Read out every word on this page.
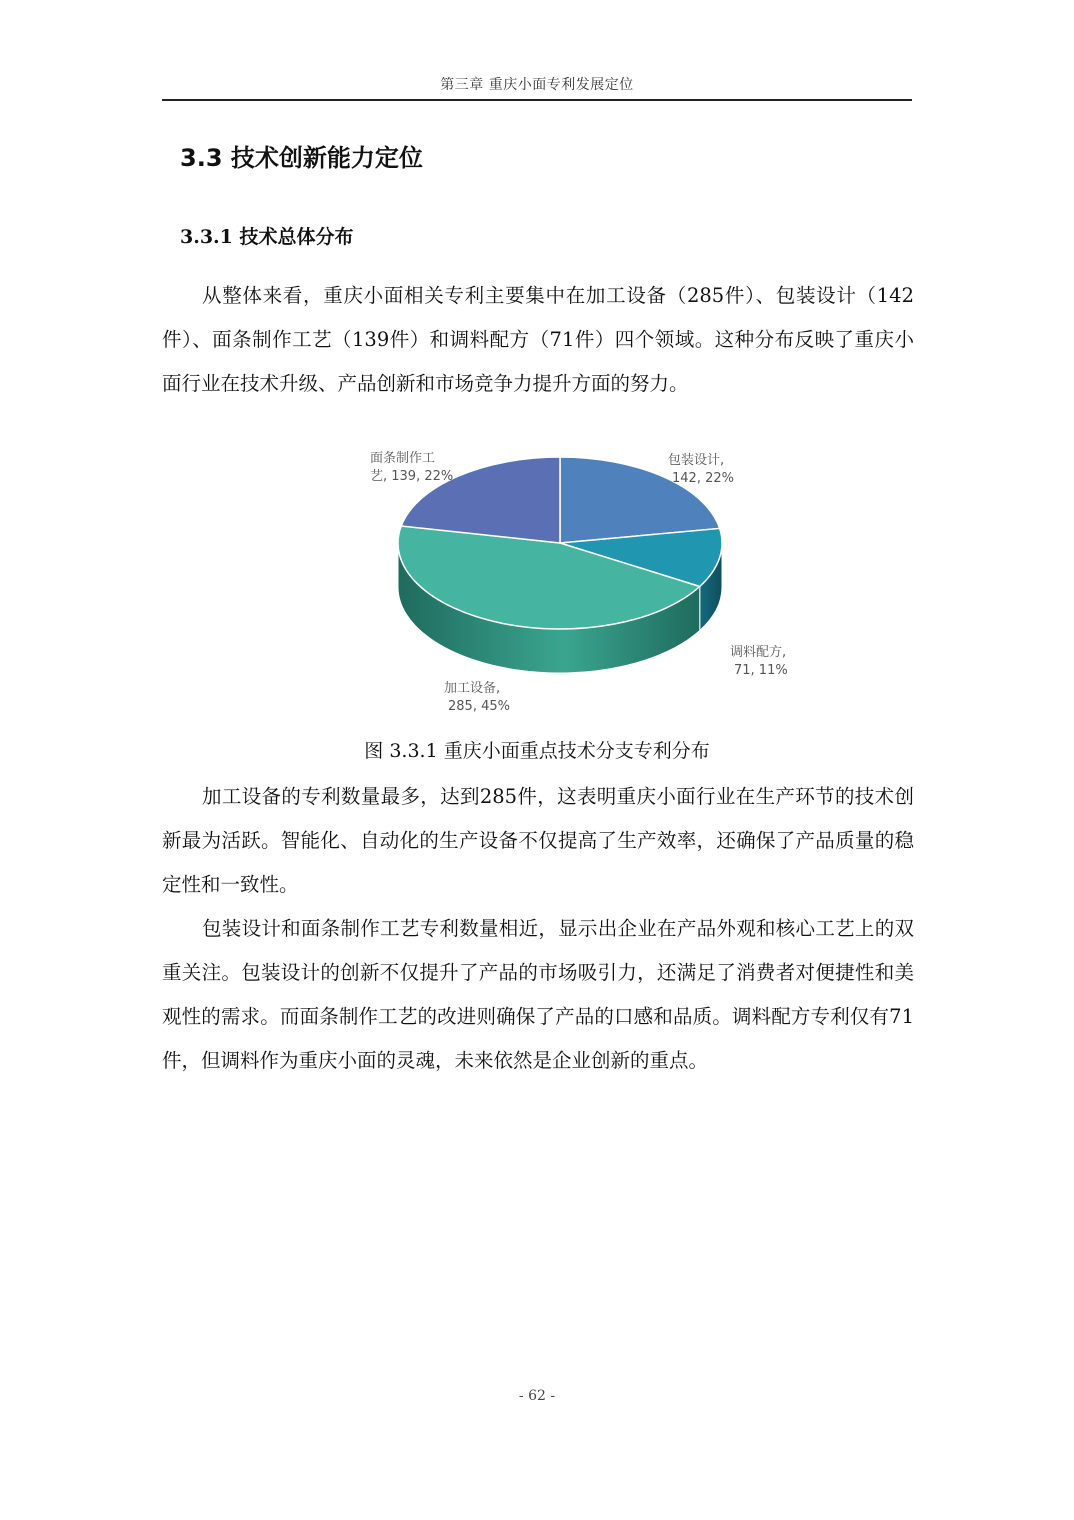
第三章 重庆小面专利发展定位
3.3 技术创新能力定位
3.3.1 技术总体分布

从整体来看，重庆小面相关专利主要集中在加工设备（285件）、包装设计（142件）、面条制作工艺（139件）和调料配方（71件）四个领域。这种分布反映了重庆小面行业在技术升级、产品创新和市场竞争力提升方面的努力。

包装设计, 142, 22%
调料配方, 71, 11%
加工设备, 285, 45%
面条制作工艺, 139, 22%
图 3.3.1 重庆小面重点技术分支专利分布

加工设备的专利数量最多，达到285件，这表明重庆小面行业在生产环节的技术创新最为活跃。智能化、自动化的生产设备不仅提高了生产效率，还确保了产品质量的稳定性和一致性。

包装设计和面条制作工艺专利数量相近，显示出企业在产品外观和核心工艺上的双重关注。包装设计的创新不仅提升了产品的市场吸引力，还满足了消费者对便捷性和美观性的需求。而面条制作工艺的改进则确保了产品的口感和品质。调料配方专利仅有71件，但调料作为重庆小面的灵魂，未来依然是企业创新的重点。

- 62 -
